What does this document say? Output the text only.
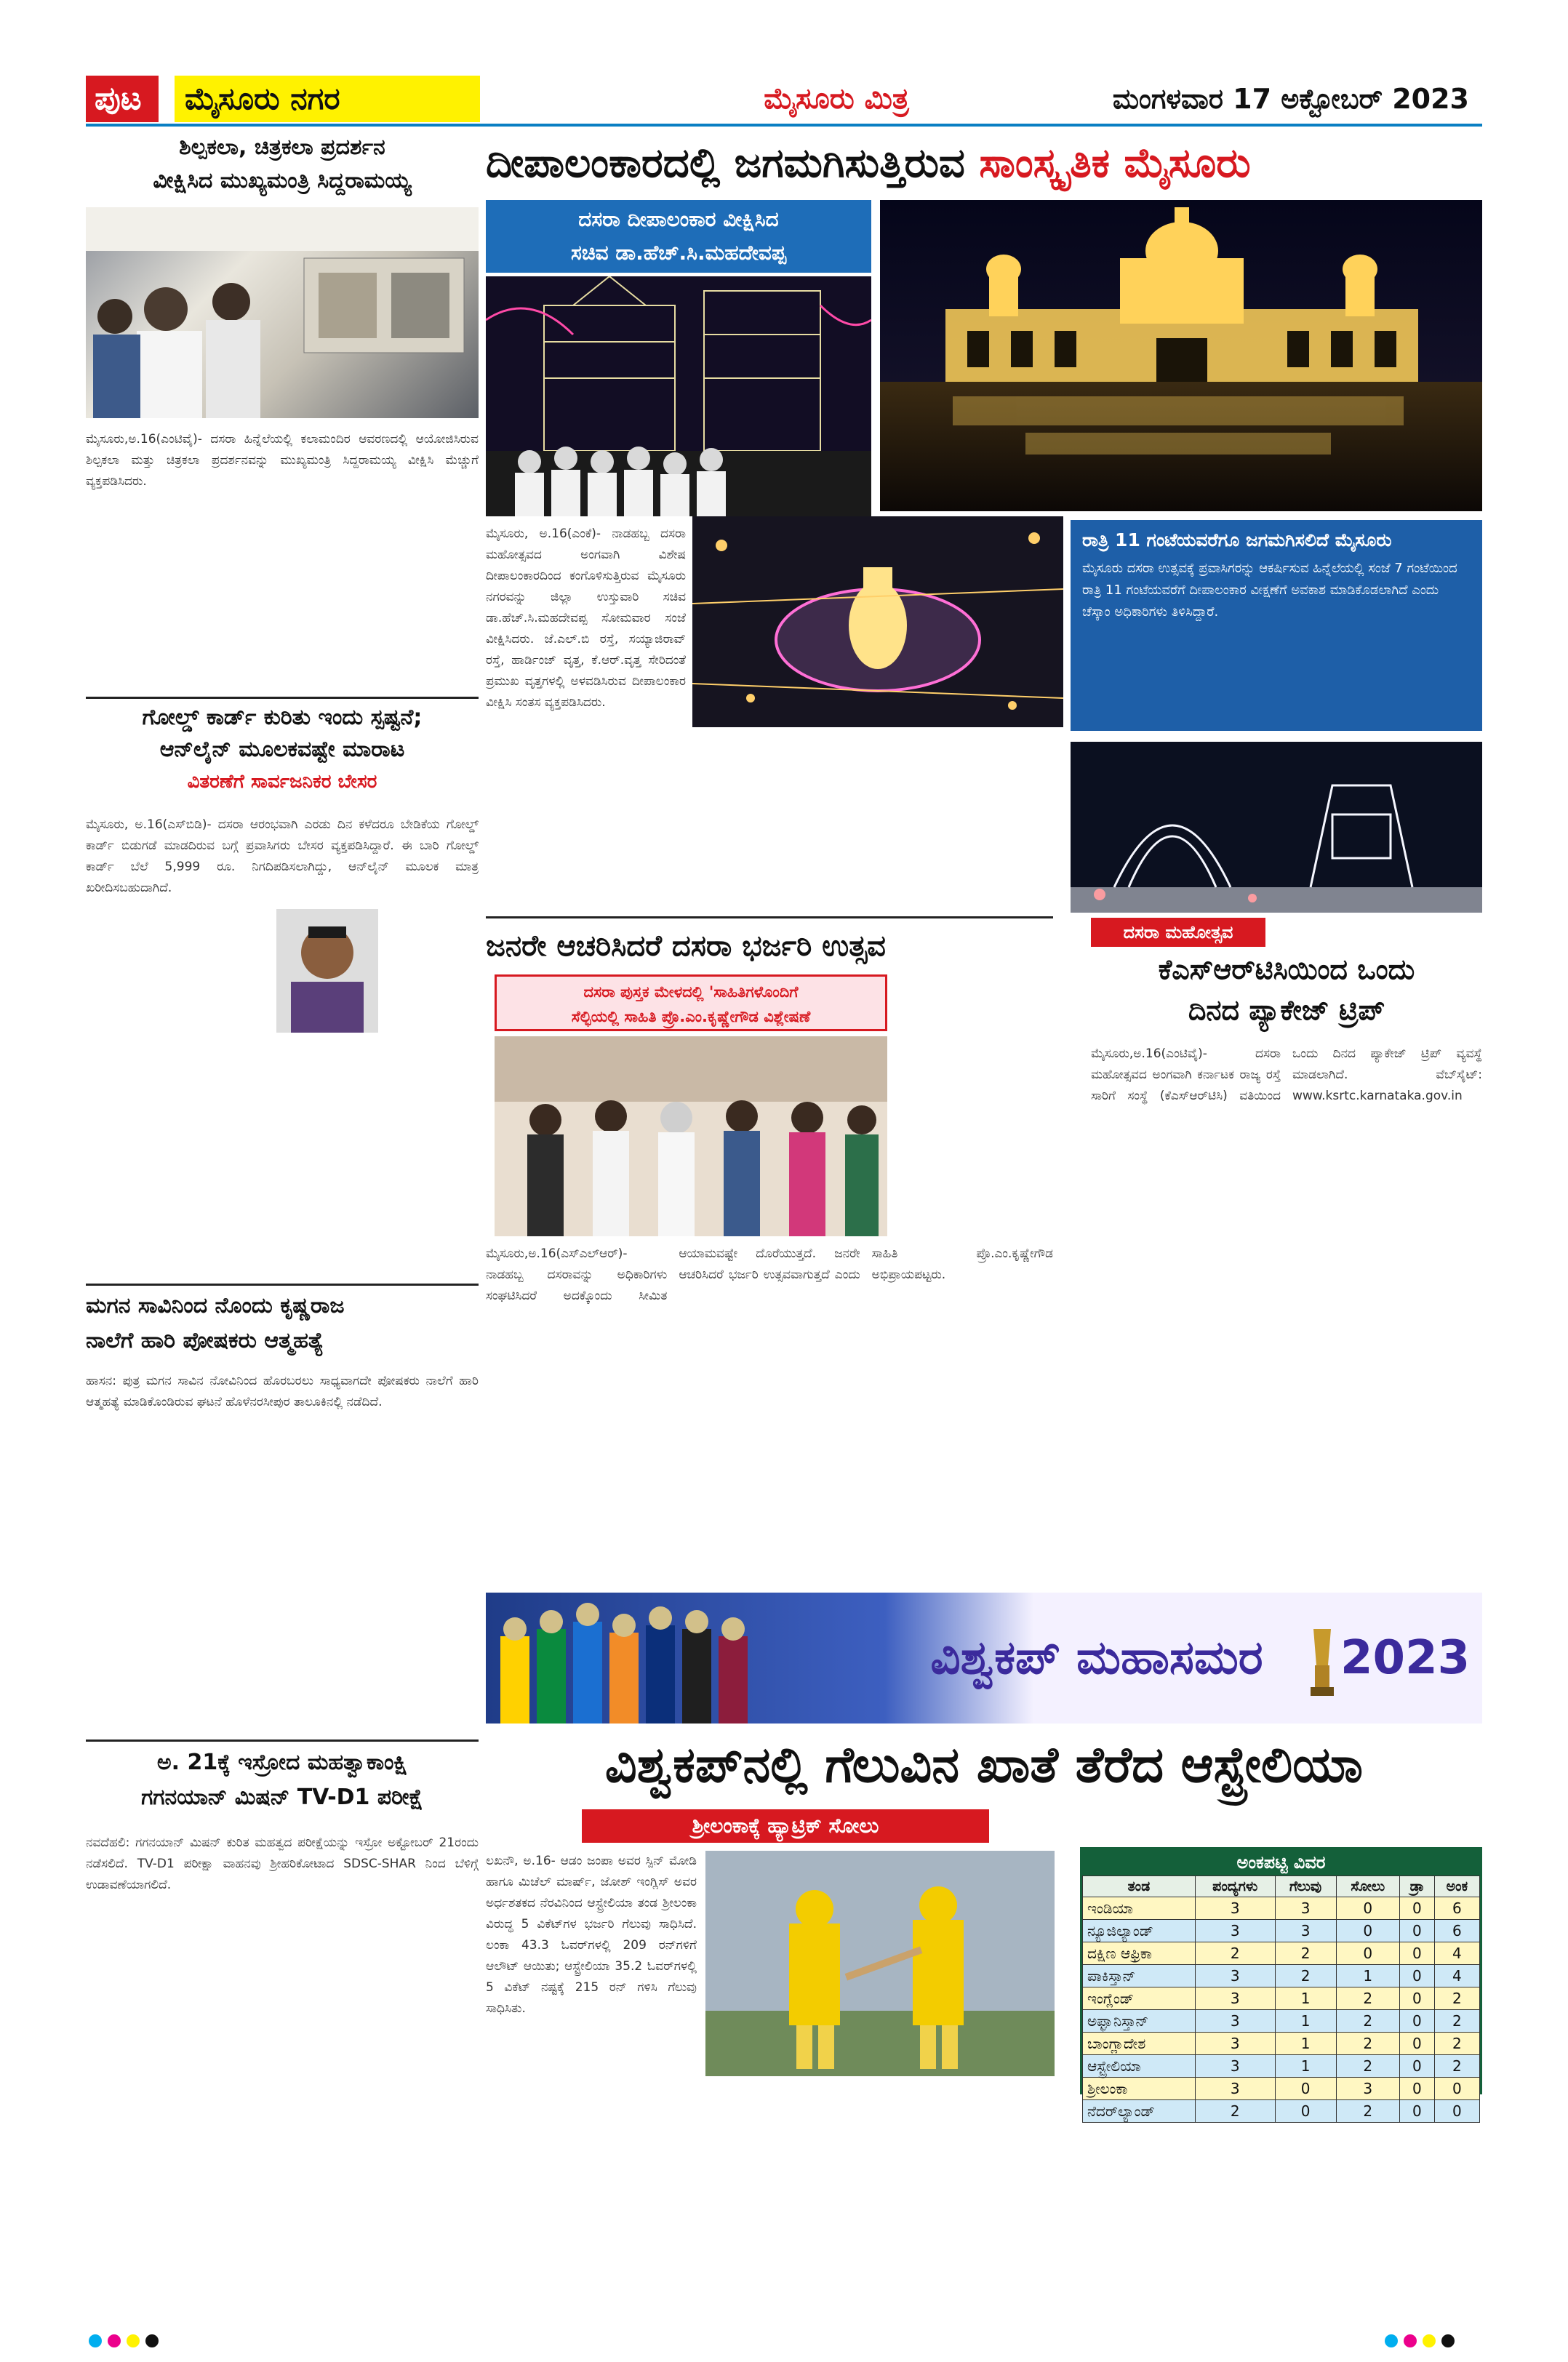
ಪುಟ 7
ಮೈಸೂರು ನಗರ	ಮೈಸೂರು ಮಿತ್ರ	ಮಂಗಳವಾರ 17 ಅಕ್ಟೋಬರ್ 2023
ಶಿಲ್ಪಕಲಾ, ಚಿತ್ರಕಲಾ ಪ್ರದರ್ಶನ
ವೀಕ್ಷಿಸಿದ ಮುಖ್ಯಮಂತ್ರಿ ಸಿದ್ದರಾಮಯ್ಯ
ಮೈಸೂರು,ಅ.16(ಎಂಟಿವೈ)- ದಸರಾ ಹಿನ್ನೆಲೆಯಲ್ಲಿ ಕಲಾಮಂದಿರ ಆವರಣದಲ್ಲಿ ಆಯೋಜಿಸಿರುವ ಶಿಲ್ಪಕಲಾ ಮತ್ತು ಚಿತ್ರಕಲಾ ಪ್ರದರ್ಶನವನ್ನು ಮುಖ್ಯಮಂತ್ರಿ ಸಿದ್ದರಾಮಯ್ಯ ವೀಕ್ಷಿಸಿ ಮೆಚ್ಚುಗೆ ವ್ಯಕ್ತಪಡಿಸಿದರು.
ದೀಪಾಲಂಕಾರದಲ್ಲಿ ಜಗಮಗಿಸುತ್ತಿರುವ ಸಾಂಸ್ಕೃತಿಕ ಮೈಸೂರು
ದಸರಾ ದೀಪಾಲಂಕಾರ ವೀಕ್ಷಿಸಿದ
ಸಚಿವ ಡಾ.ಹೆಚ್.ಸಿ.ಮಹದೇವಪ್ಪ
ರಾತ್ರಿ 11 ಗಂಟೆಯವರೆಗೂ ಜಗಮಗಿಸಲಿದೆ ಮೈಸೂರು
ಮೈಸೂರು ದಸರಾ ಉತ್ಸವಕ್ಕೆ ಪ್ರವಾಸಿಗರನ್ನು ಆಕರ್ಷಿಸುವ ಹಿನ್ನೆಲೆಯಲ್ಲಿ ಸಂಜೆ 7 ಗಂಟೆಯಿಂದ ರಾತ್ರಿ 11 ಗಂಟೆಯವರೆಗೆ ದೀಪಾಲಂಕಾರ ವೀಕ್ಷಣೆಗೆ ಅವಕಾಶ ಮಾಡಿಕೊಡಲಾಗಿದೆ ಎಂದು ಚೆಸ್ಕಾಂ ಅಧಿಕಾರಿಗಳು ತಿಳಿಸಿದ್ದಾರೆ.
ಮೈಸೂರು, ಅ.16(ಎಂಕೆ)- ನಾಡಹಬ್ಬ ದಸರಾ ಮಹೋತ್ಸವದ ಅಂಗವಾಗಿ ವಿಶೇಷ ದೀಪಾಲಂಕಾರದಿಂದ ಕಂಗೊಳಿಸುತ್ತಿರುವ ಮೈಸೂರು ನಗರವನ್ನು ಜಿಲ್ಲಾ ಉಸ್ತುವಾರಿ ಸಚಿವ ಡಾ.ಹೆಚ್.ಸಿ.ಮಹದೇವಪ್ಪ ಸೋಮವಾರ ಸಂಜೆ ವೀಕ್ಷಿಸಿದರು. ಜೆ.ಎಲ್.ಬಿ ರಸ್ತೆ, ಸಯ್ಯಾಜಿರಾವ್ ರಸ್ತೆ, ಹಾರ್ಡಿಂಜ್ ವೃತ್ತ, ಕೆ.ಆರ್.ವೃತ್ತ ಸೇರಿದಂತೆ ಪ್ರಮುಖ ವೃತ್ತಗಳಲ್ಲಿ ಅಳವಡಿಸಿರುವ ದೀಪಾಲಂಕಾರ ವೀಕ್ಷಿಸಿ ಸಂತಸ ವ್ಯಕ್ತಪಡಿಸಿದರು.
ಗೋಲ್ಡ್ ಕಾರ್ಡ್ ಕುರಿತು ಇಂದು ಸ್ಪಷ್ಟನೆ;
ಆನ್‌ಲೈನ್ ಮೂಲಕವಷ್ಟೇ ಮಾರಾಟ
ವಿತರಣೆಗೆ ಸಾರ್ವಜನಿಕರ ಬೇಸರ
ಮೈಸೂರು, ಅ.16(ಎಸ್‌ಬಿಡಿ)- ದಸರಾ ಆರಂಭವಾಗಿ ಎರಡು ದಿನ ಕಳೆದರೂ ಬೇಡಿಕೆಯ ಗೋಲ್ಡ್ ಕಾರ್ಡ್ ಬಿಡುಗಡೆ ಮಾಡದಿರುವ ಬಗ್ಗೆ ಪ್ರವಾಸಿಗರು ಬೇಸರ ವ್ಯಕ್ತಪಡಿಸಿದ್ದಾರೆ. ಈ ಬಾರಿ ಗೋಲ್ಡ್ ಕಾರ್ಡ್ ಬೆಲೆ 5,999 ರೂ. ನಿಗದಿಪಡಿಸಲಾಗಿದ್ದು, ಆನ್‌ಲೈನ್ ಮೂಲಕ ಮಾತ್ರ ಖರೀದಿಸಬಹುದಾಗಿದೆ.
ಮಗನ ಸಾವಿನಿಂದ ನೊಂದು ಕೃಷ್ಣರಾಜ
ನಾಲೆಗೆ ಹಾರಿ ಪೋಷಕರು ಆತ್ಮಹತ್ಯೆ
ಹಾಸನ: ಪುತ್ರ ಮಗನ ಸಾವಿನ ನೋವಿನಿಂದ ಹೊರಬರಲು ಸಾಧ್ಯವಾಗದೇ ಪೋಷಕರು ನಾಲೆಗೆ ಹಾರಿ ಆತ್ಮಹತ್ಯೆ ಮಾಡಿಕೊಂಡಿರುವ ಘಟನೆ ಹೊಳೆನರಸೀಪುರ ತಾಲೂಕಿನಲ್ಲಿ ನಡೆದಿದೆ.
ಅ. 21ಕ್ಕೆ ಇಸ್ರೋದ ಮಹತ್ವಾಕಾಂಕ್ಷಿ
ಗಗನಯಾನ್ ಮಿಷನ್ TV-D1 ಪರೀಕ್ಷೆ
ನವದೆಹಲಿ: ಗಗನಯಾನ್ ಮಿಷನ್ ಕುರಿತ ಮಹತ್ವದ ಪರೀಕ್ಷೆಯನ್ನು ಇಸ್ರೋ ಅಕ್ಟೋಬರ್ 21ರಂದು ನಡೆಸಲಿದೆ. TV-D1 ಪರೀಕ್ಷಾ ವಾಹನವು ಶ್ರೀಹರಿಕೋಟಾದ SDSC-SHAR ನಿಂದ ಬೆಳಿಗ್ಗೆ ಉಡಾವಣೆಯಾಗಲಿದೆ.
ಜನರೇ ಆಚರಿಸಿದರೆ ದಸರಾ ಭರ್ಜರಿ ಉತ್ಸವ
ದಸರಾ ಪುಸ್ತಕ ಮೇಳದಲ್ಲಿ 'ಸಾಹಿತಿಗಳೊಂದಿಗೆ
ಸೆಲ್ಫಿಯಲ್ಲಿ ಸಾಹಿತಿ ಪ್ರೊ.ಎಂ.ಕೃಷ್ಣೇಗೌಡ ವಿಶ್ಲೇಷಣೆ
ಮೈಸೂರು,ಅ.16(ಎಸ್‌ಎಲ್‌ಆರ್)- ನಾಡಹಬ್ಬ ದಸರಾವನ್ನು ಅಧಿಕಾರಿಗಳು ಸಂಘಟಿಸಿದರೆ ಅದಕ್ಕೊಂದು ಸೀಮಿತ ಆಯಾಮವಷ್ಟೇ ದೊರೆಯುತ್ತದೆ. ಜನರೇ ಆಚರಿಸಿದರೆ ಭರ್ಜರಿ ಉತ್ಸವವಾಗುತ್ತದೆ ಎಂದು ಸಾಹಿತಿ ಪ್ರೊ.ಎಂ.ಕೃಷ್ಣೇಗೌಡ ಅಭಿಪ್ರಾಯಪಟ್ಟರು.
ದಸರಾ ಮಹೋತ್ಸವ
ಕೆಎಸ್‌ಆರ್‌ಟಿಸಿಯಿಂದ ಒಂದು
ದಿನದ ಪ್ಯಾಕೇಜ್ ಟ್ರಿಪ್
ಮೈಸೂರು,ಅ.16(ಎಂಟಿವೈ)- ದಸರಾ ಮಹೋತ್ಸವದ ಅಂಗವಾಗಿ ಕರ್ನಾಟಕ ರಾಜ್ಯ ರಸ್ತೆ ಸಾರಿಗೆ ಸಂಸ್ಥೆ (ಕೆಎಸ್‌ಆರ್‌ಟಿಸಿ) ವತಿಯಿಂದ ಒಂದು ದಿನದ ಪ್ಯಾಕೇಜ್ ಟ್ರಿಪ್ ವ್ಯವಸ್ಥೆ ಮಾಡಲಾಗಿದೆ. ವೆಬ್‌ಸೈಟ್: www.ksrtc.karnataka.gov.in
ವಿಶ್ವಕಪ್ ಮಹಾಸಮರ	2023
ವಿಶ್ವಕಪ್‌ನಲ್ಲಿ ಗೆಲುವಿನ ಖಾತೆ ತೆರೆದ ಆಸ್ಟ್ರೇಲಿಯಾ
ಶ್ರೀಲಂಕಾಕ್ಕೆ ಹ್ಯಾಟ್ರಿಕ್ ಸೋಲು
ಲಖನೌ, ಅ.16- ಆಡಂ ಜಂಪಾ ಅವರ ಸ್ಪಿನ್ ಮೋಡಿ ಹಾಗೂ ಮಿಚೆಲ್ ಮಾರ್ಷ್, ಜೋಶ್ ಇಂಗ್ಲಿಸ್ ಅವರ ಅರ್ಧಶತಕದ ನೆರವಿನಿಂದ ಆಸ್ಟ್ರೇಲಿಯಾ ತಂಡ ಶ್ರೀಲಂಕಾ ವಿರುದ್ಧ 5 ವಿಕೆಟ್‌ಗಳ ಭರ್ಜರಿ ಗೆಲುವು ಸಾಧಿಸಿದೆ. ಲಂಕಾ 43.3 ಓವರ್‌ಗಳಲ್ಲಿ 209 ರನ್‌ಗಳಿಗೆ ಆಲೌಟ್ ಆಯಿತು; ಆಸ್ಟ್ರೇಲಿಯಾ 35.2 ಓವರ್‌ಗಳಲ್ಲಿ 5 ವಿಕೆಟ್ ನಷ್ಟಕ್ಕೆ 215 ರನ್ ಗಳಿಸಿ ಗೆಲುವು ಸಾಧಿಸಿತು.
ಅಂಕಪಟ್ಟಿ ವಿವರ
ತಂಡ	ಪಂದ್ಯಗಳು	ಗೆಲುವು	ಸೋಲು	ಡ್ರಾ	ಅಂಕ
ಇಂಡಿಯಾ	3	3	0	0	6
ನ್ಯೂಜಿಲ್ಯಾಂಡ್	3	3	0	0	6
ದಕ್ಷಿಣ ಆಫ್ರಿಕಾ	2	2	0	0	4
ಪಾಕಿಸ್ತಾನ್	3	2	1	0	4
ಇಂಗ್ಲೆಂಡ್	3	1	2	0	2
ಅಫ್ಘಾನಿಸ್ತಾನ್	3	1	2	0	2
ಬಾಂಗ್ಲಾದೇಶ	3	1	2	0	2
ಆಸ್ಟ್ರೇಲಿಯಾ	3	1	2	0	2
ಶ್ರೀಲಂಕಾ	3	0	3	0	0
ನೆದರ್‌ಲ್ಯಾಂಡ್	2	0	2	0	0
